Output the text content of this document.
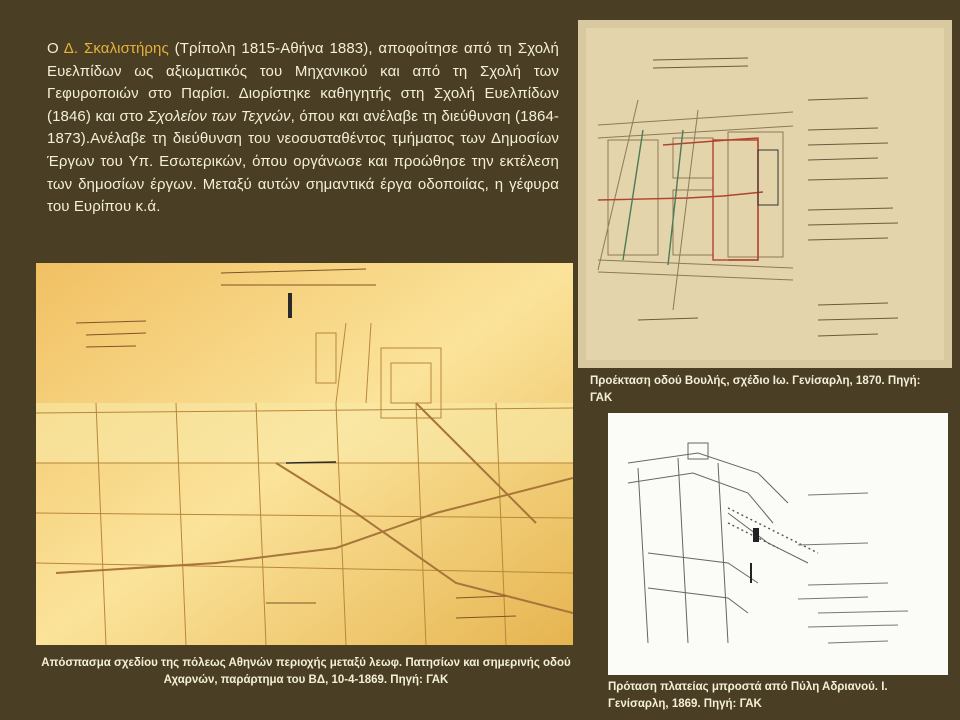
Ο Δ. Σκαλιστήρης (Τρίπολη 1815-Αθήνα 1883), αποφοίτησε από τη Σχολή Ευελπίδων ως αξιωματικός του Μηχανικού και από τη Σχολή των Γεφυροποιών στο Παρίσι. Διορίστηκε καθηγητής στη Σχολή Ευελπίδων (1846) και στο Σχολείον των Τεχνών, όπου και ανέλαβε τη διεύθυνση (1864-1873).Ανέλαβε τη διεύθυνση του νεοσυσταθέντος τμήματος των Δημοσίων Έργων του Υπ. Εσωτερικών, όπου οργάνωσε και προώθησε την εκτέλεση των δημοσίων έργων. Μεταξύ αυτών σημαντικά έργα οδοποιίας, η γέφυρα του Ευρίπου κ.ά.
Προέκταση οδού Βουλής, σχέδιο Ιω. Γενίσαρλη, 1870. Πηγή: ΓΑΚ
Απόσπασμα σχεδίου της πόλεως Αθηνών περιοχής μεταξύ λεωφ. Πατησίων και σημερινής οδού Αχαρνών, παράρτημα του ΒΔ, 10-4-1869. Πηγή: ΓΑΚ
Πρόταση πλατείας μπροστά από Πύλη Αδριανού. Ι. Γενίσαρλη, 1869. Πηγή: ΓΑΚ
